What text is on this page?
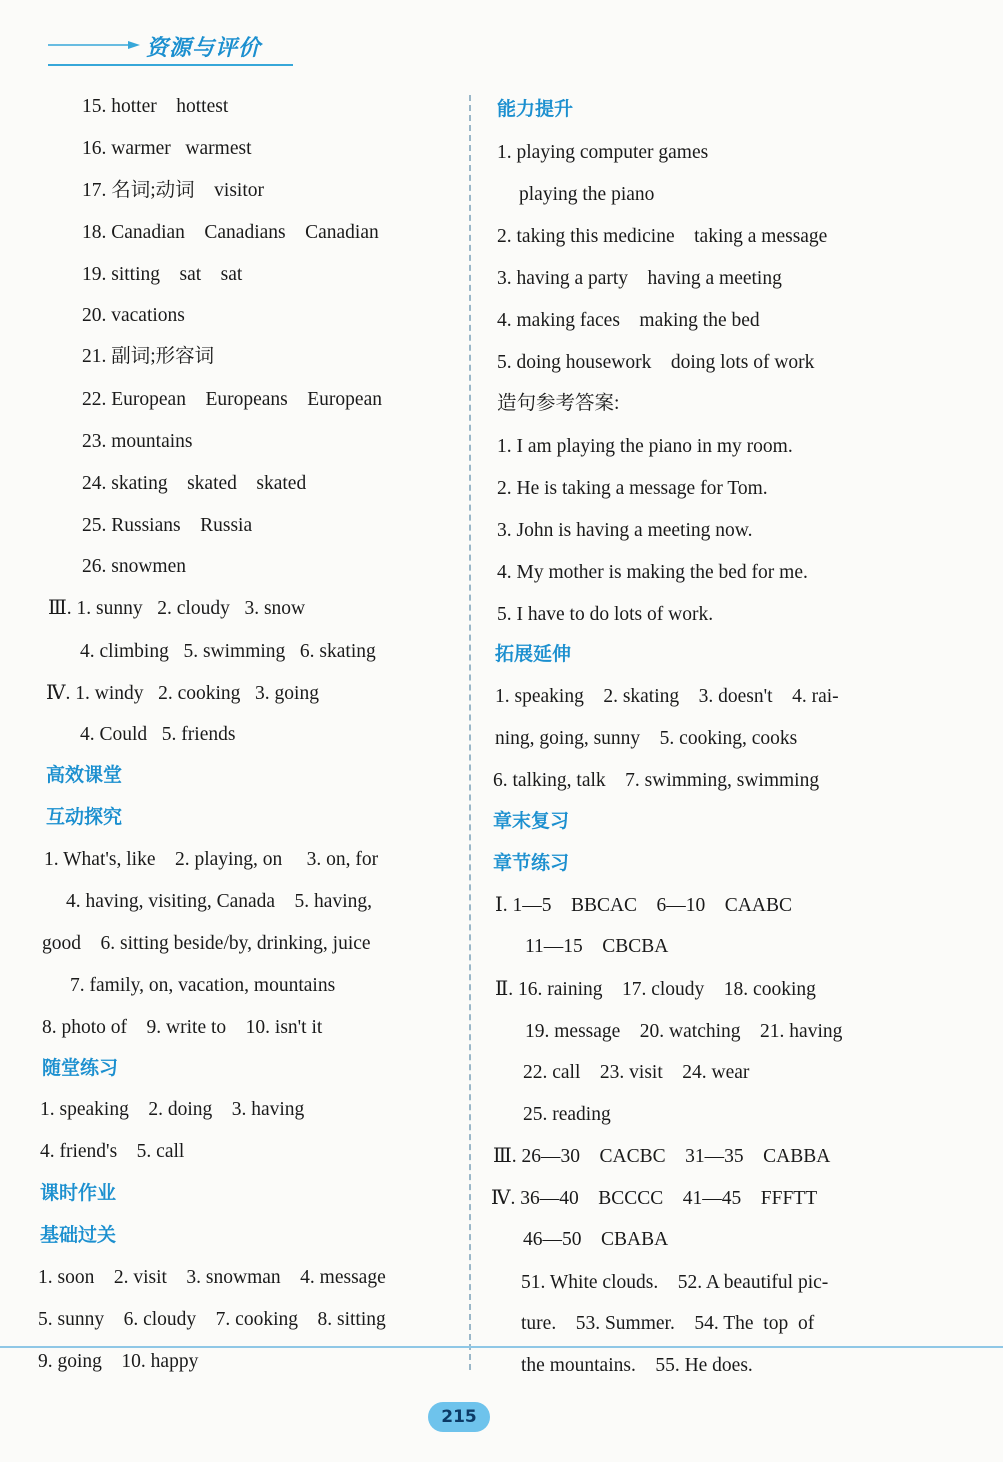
资源与评价
15. hotter    hottest
16. warmer   warmest
17. 名词;动词    visitor
18. Canadian    Canadians    Canadian
19. sitting    sat    sat
20. vacations
21. 副词;形容词
22. European    Europeans    European
23. mountains
24. skating    skated    skated
25. Russians    Russia
26. snowmen
Ⅲ. 1. sunny   2. cloudy   3. snow
4. climbing   5. swimming   6. skating
Ⅳ. 1. windy   2. cooking   3. going
4. Could   5. friends
高效课堂
互动探究
1. What's, like    2. playing, on     3. on, for
4. having, visiting, Canada    5. having,
good    6. sitting beside/by, drinking, juice
7. family, on, vacation, mountains
8. photo of    9. write to    10. isn't it
随堂练习
1. speaking    2. doing    3. having
4. friend's    5. call
课时作业
基础过关
1. soon    2. visit    3. snowman    4. message
5. sunny    6. cloudy    7. cooking    8. sitting
9. going    10. happy
能力提升
1. playing computer games
playing the piano
2. taking this medicine    taking a message
3. having a party    having a meeting
4. making faces    making the bed
5. doing housework    doing lots of work
造句参考答案:
1. I am playing the piano in my room.
2. He is taking a message for Tom.
3. John is having a meeting now.
4. My mother is making the bed for me.
5. I have to do lots of work.
拓展延伸
1. speaking    2. skating    3. doesn't    4. rai-
ning, going, sunny    5. cooking, cooks
6. talking, talk    7. swimming, swimming
章末复习
章节练习
Ⅰ. 1—5    BBCAC    6—10    CAABC
11—15    CBCBA
Ⅱ. 16. raining    17. cloudy    18. cooking
19. message    20. watching    21. having
22. call    23. visit    24. wear
25. reading
Ⅲ. 26—30    CACBC    31—35    CABBA
Ⅳ. 36—40    BCCCC    41—45    FFFTT
46—50    CBABA
51. White clouds.    52. A beautiful pic-
ture.    53. Summer.    54. The  top  of
the mountains.    55. He does.
215
